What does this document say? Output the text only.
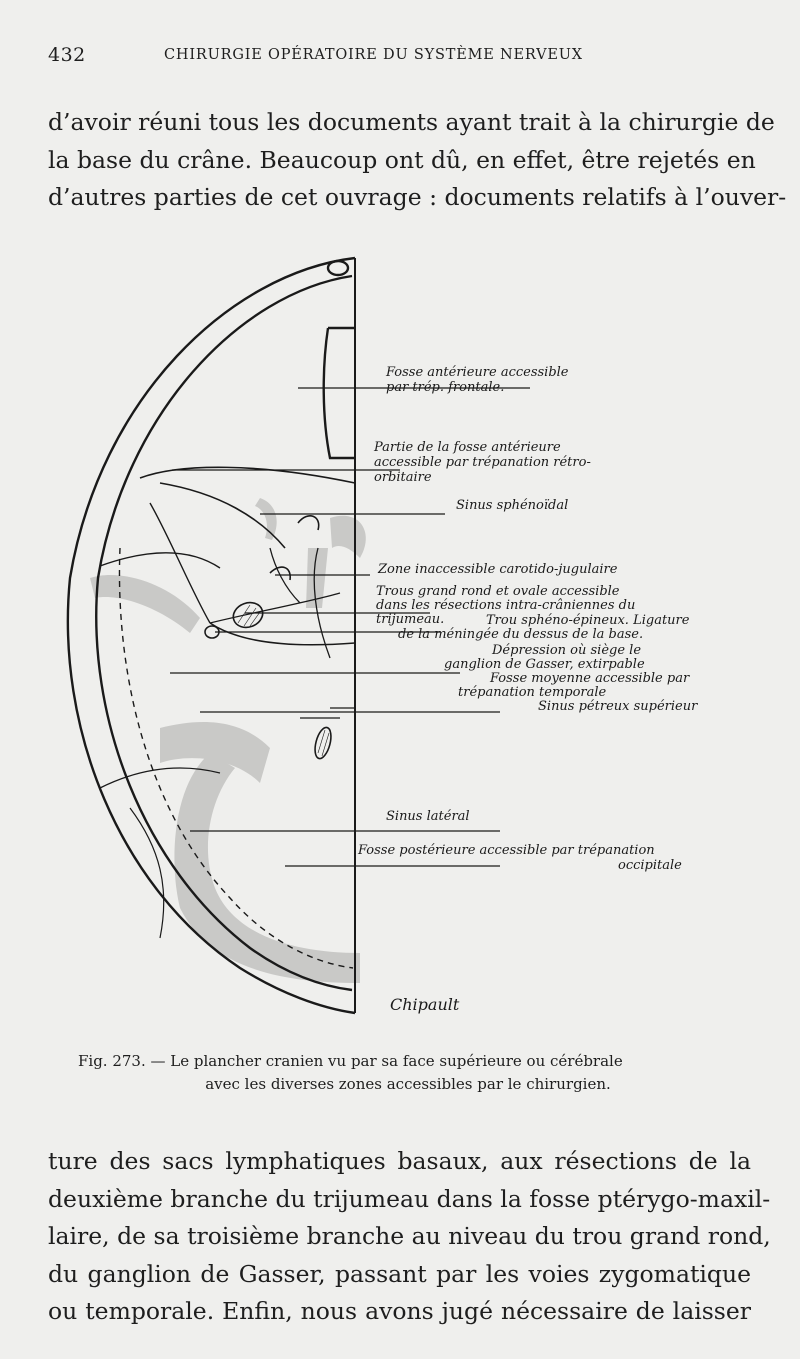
432	CHIRURGIE OPÉRATOIRE DU SYSTÈME NERVEUX
d’avoir réuni tous les documents ayant trait à la chirurgie de
la base du crâne. Beaucoup ont dû, en effet, être rejetés en
d’autres parties de cet ouvrage : documents relatifs à l’ouver-
Fosse antérieure accessible
par trép. frontale.
Partie de la fosse antérieure
accessible par trépanation rétro-
orbitaire
Sinus sphénoïdal
Zone inaccessible carotido-jugulaire
Trous grand rond et ovale accessible
dans les résections intra-crâniennes du
trijumeau.	Trou sphéno-épineux. Ligature
de la méningée du dessus de la base.
Dépression où siège le
ganglion de Gasser, extirpable
Fosse moyenne accessible par
trépanation temporale
Sinus pétreux supérieur
Sinus latéral
Fosse postérieure accessible par trépanation
occipitale
Chipault
Fig. 273. — Le plancher cranien vu par sa face supérieure ou cérébrale
avec les diverses zones accessibles par le chirurgien.
ture des sacs lymphatiques basaux, aux résections de la
deuxième branche du trijumeau dans la fosse ptérygo-maxil-
laire, de sa troisième branche au niveau du trou grand rond,
du ganglion de Gasser, passant par les voies zygomatique
ou temporale. Enfin, nous avons jugé nécessaire de laisser
